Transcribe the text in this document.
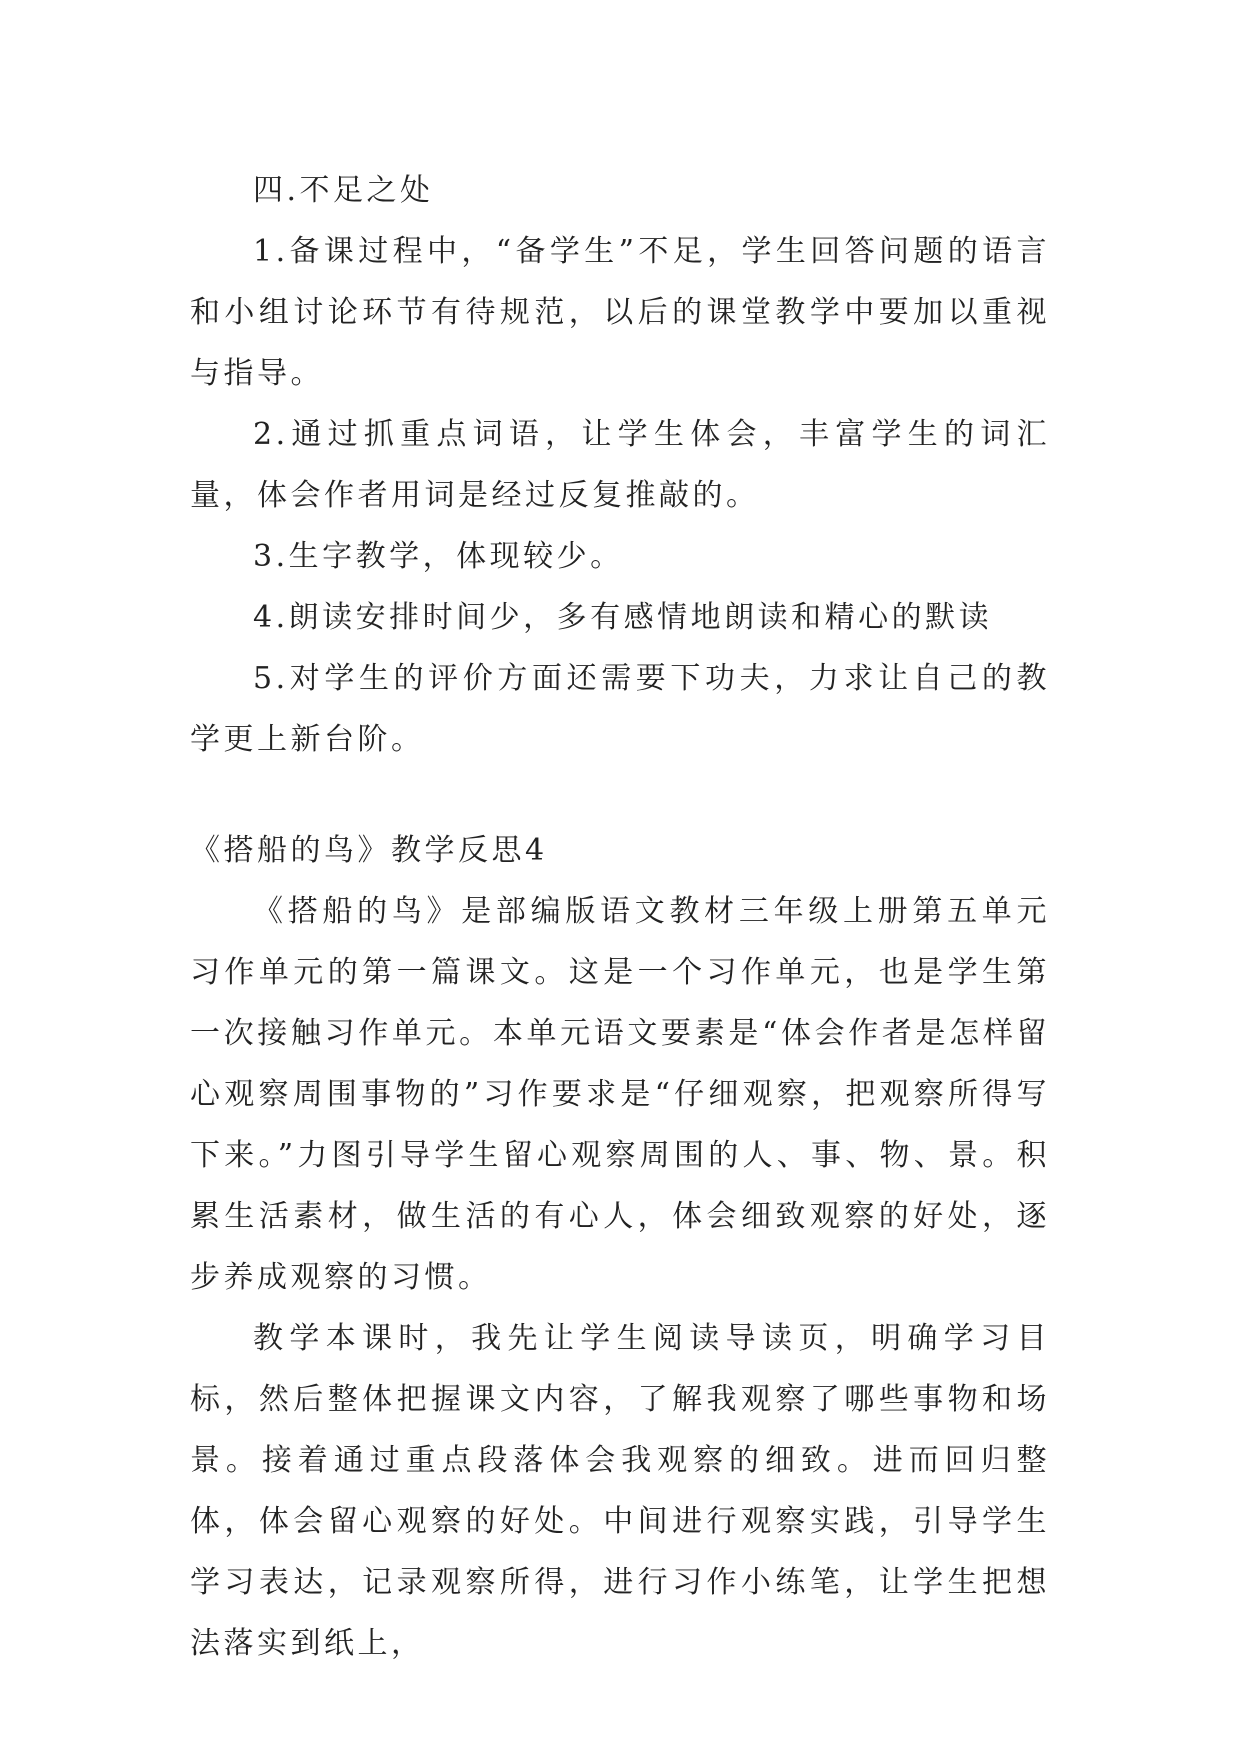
四.不足之处

1.备课过程中，“备学生”不足，学生回答问题的语言和小组讨论环节有待规范，以后的课堂教学中要加以重视与指导。

2.通过抓重点词语，让学生体会，丰富学生的词汇量，体会作者用词是经过反复推敲的。

3.生字教学，体现较少。

4.朗读安排时间少，多有感情地朗读和精心的默读

5.对学生的评价方面还需要下功夫，力求让自己的教学更上新台阶。

《搭船的鸟》教学反思4

《搭船的鸟》是部编版语文教材三年级上册第五单元习作单元的第一篇课文。这是一个习作单元，也是学生第一次接触习作单元。本单元语文要素是“体会作者是怎样留心观察周围事物的”习作要求是“仔细观察，把观察所得写下来。”力图引导学生留心观察周围的人、事、物、景。积累生活素材，做生活的有心人，体会细致观察的好处，逐步养成观察的习惯。

教学本课时，我先让学生阅读导读页，明确学习目标，然后整体把握课文内容，了解我观察了哪些事物和场景。接着通过重点段落体会我观察的细致。进而回归整体，体会留心观察的好处。中间进行观察实践，引导学生学习表达，记录观察所得，进行习作小练笔，让学生把想法落实到纸上，
